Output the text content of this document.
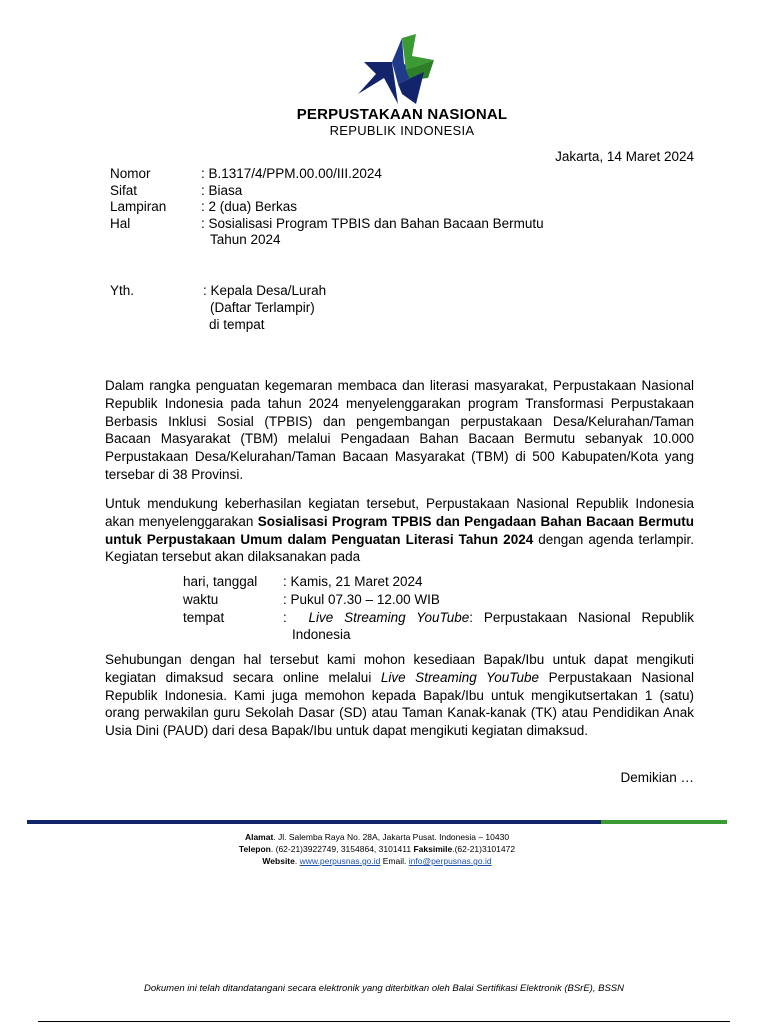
PERPUSTAKAAN NASIONAL
REPUBLIK INDONESIA
Jakarta, 14 Maret 2024
Nomor	: B.1317/4/PPM.00.00/III.2024
Sifat	: Biasa
Lampiran	: 2 (dua) Berkas
Hal	: Sosialisasi Program TPBIS dan Bahan Bacaan Bermutu
Tahun 2024
Yth.	: Kepala Desa/Lurah
(Daftar Terlampir)
di tempat
Dalam rangka penguatan kegemaran membaca dan literasi masyarakat, Perpustakaan Nasional Republik Indonesia pada tahun 2024 menyelenggarakan program Transformasi Perpustakaan Berbasis Inklusi Sosial (TPBIS) dan pengembangan perpustakaan Desa/Kelurahan/Taman Bacaan Masyarakat (TBM) melalui Pengadaan Bahan Bacaan Bermutu sebanyak 10.000 Perpustakaan Desa/Kelurahan/Taman Bacaan Masyarakat (TBM) di 500 Kabupaten/Kota yang tersebar di 38 Provinsi.
Untuk mendukung keberhasilan kegiatan tersebut, Perpustakaan Nasional Republik Indonesia akan menyelenggarakan Sosialisasi Program TPBIS dan Pengadaan Bahan Bacaan Bermutu untuk Perpustakaan Umum dalam Penguatan Literasi Tahun 2024 dengan agenda terlampir. Kegiatan tersebut akan dilaksanakan pada
hari, tanggal : Kamis, 21 Maret 2024
waktu	: Pukul 07.30 – 12.00 WIB
tempat	:  Live Streaming YouTube: Perpustakaan Nasional Republik
Indonesia
Sehubungan dengan hal tersebut kami mohon kesediaan Bapak/Ibu untuk dapat mengikuti kegiatan dimaksud secara online melalui Live Streaming YouTube Perpustakaan Nasional Republik Indonesia. Kami juga memohon kepada Bapak/Ibu untuk mengikutsertakan 1 (satu) orang perwakilan guru Sekolah Dasar (SD) atau Taman Kanak-kanak (TK) atau Pendidikan Anak Usia Dini (PAUD) dari desa Bapak/Ibu untuk dapat mengikuti kegiatan dimaksud.
Demikian …
Alamat. Jl. Salemba Raya No. 28A, Jakarta Pusat. Indonesia – 10430
Telepon. (62-21)3922749, 3154864, 3101411 Faksimile.(62-21)3101472
Website. www.perpusnas.go.id Email. info@perpusnas.go.id
Dokumen ini telah ditandatangani secara elektronik yang diterbitkan oleh Balai Sertifikasi Elektronik (BSrE), BSSN
